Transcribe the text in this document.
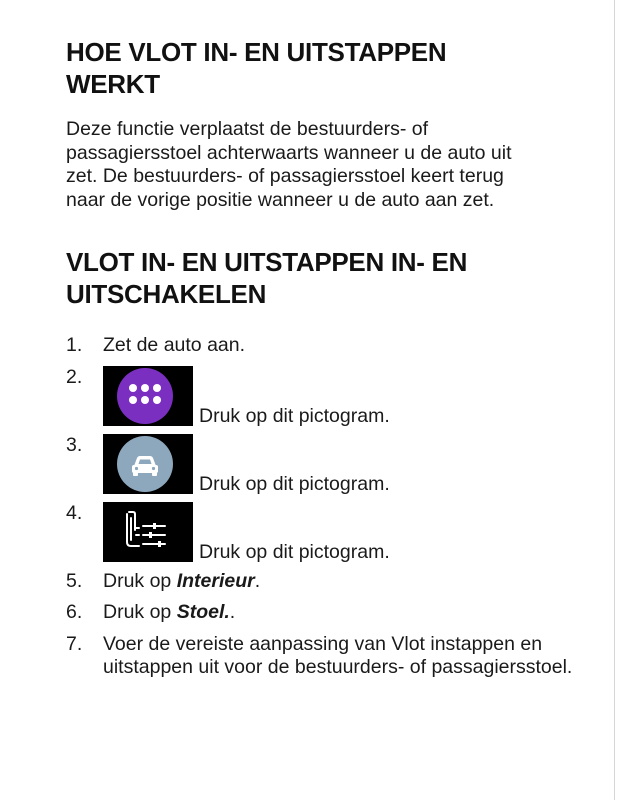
HOE VLOT IN- EN UITSTAPPEN WERKT

Deze functie verplaatst de bestuurders- of passagiersstoel achterwaarts wanneer u de auto uit zet. De bestuurders- of passagiersstoel keert terug naar de vorige positie wanneer u de auto aan zet.

VLOT IN- EN UITSTAPPEN IN- EN UITSCHAKELEN
1. Zet de auto aan.
2.
Druk op dit pictogram.
3.
Druk op dit pictogram.
4.
Druk op dit pictogram.
5. Druk op Interieur.
6. Druk op Stoel..
7. Voer de vereiste aanpassing van Vlot instappen en uitstappen uit voor de bestuurders- of passagiersstoel.
